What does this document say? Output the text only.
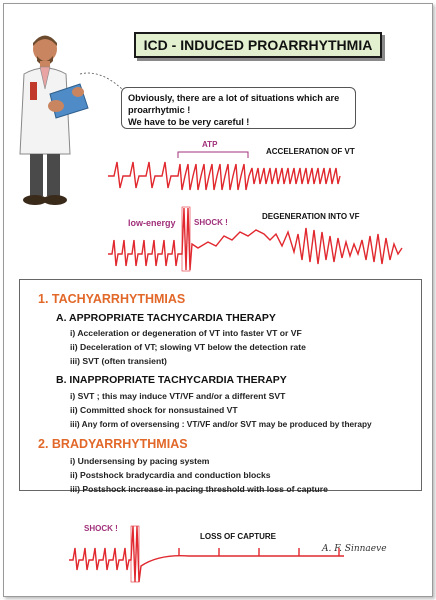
ICD - INDUCED PROARRHYTHMIA
Obviously, there are a lot of situations which are
proarrhytmic !
We have to be very careful !
ATP
ACCELERATION OF VT
low-energy SHOCK !
DEGENERATION INTO VF
1. TACHYARRHYTHMIAS
A. APPROPRIATE TACHYCARDIA THERAPY
i) Acceleration or degeneration of VT into faster VT or VF
ii) Deceleration of VT; slowing VT below the detection rate
iii) SVT (often transient)
B. INAPPROPRIATE TACHYCARDIA THERAPY
i) SVT ; this may induce VT/VF and/or a different SVT
ii) Committed shock for nonsustained VT
iii) Any form of oversensing : VT/VF and/or SVT may be produced by therapy
2. BRADYARRHYTHMIAS
i) Undersensing by pacing system
ii) Postshock bradycardia and conduction blocks
iii) Postshock increase in pacing threshold with loss of capture
SHOCK !
LOSS OF CAPTURE
A. F. Sinnaeve
